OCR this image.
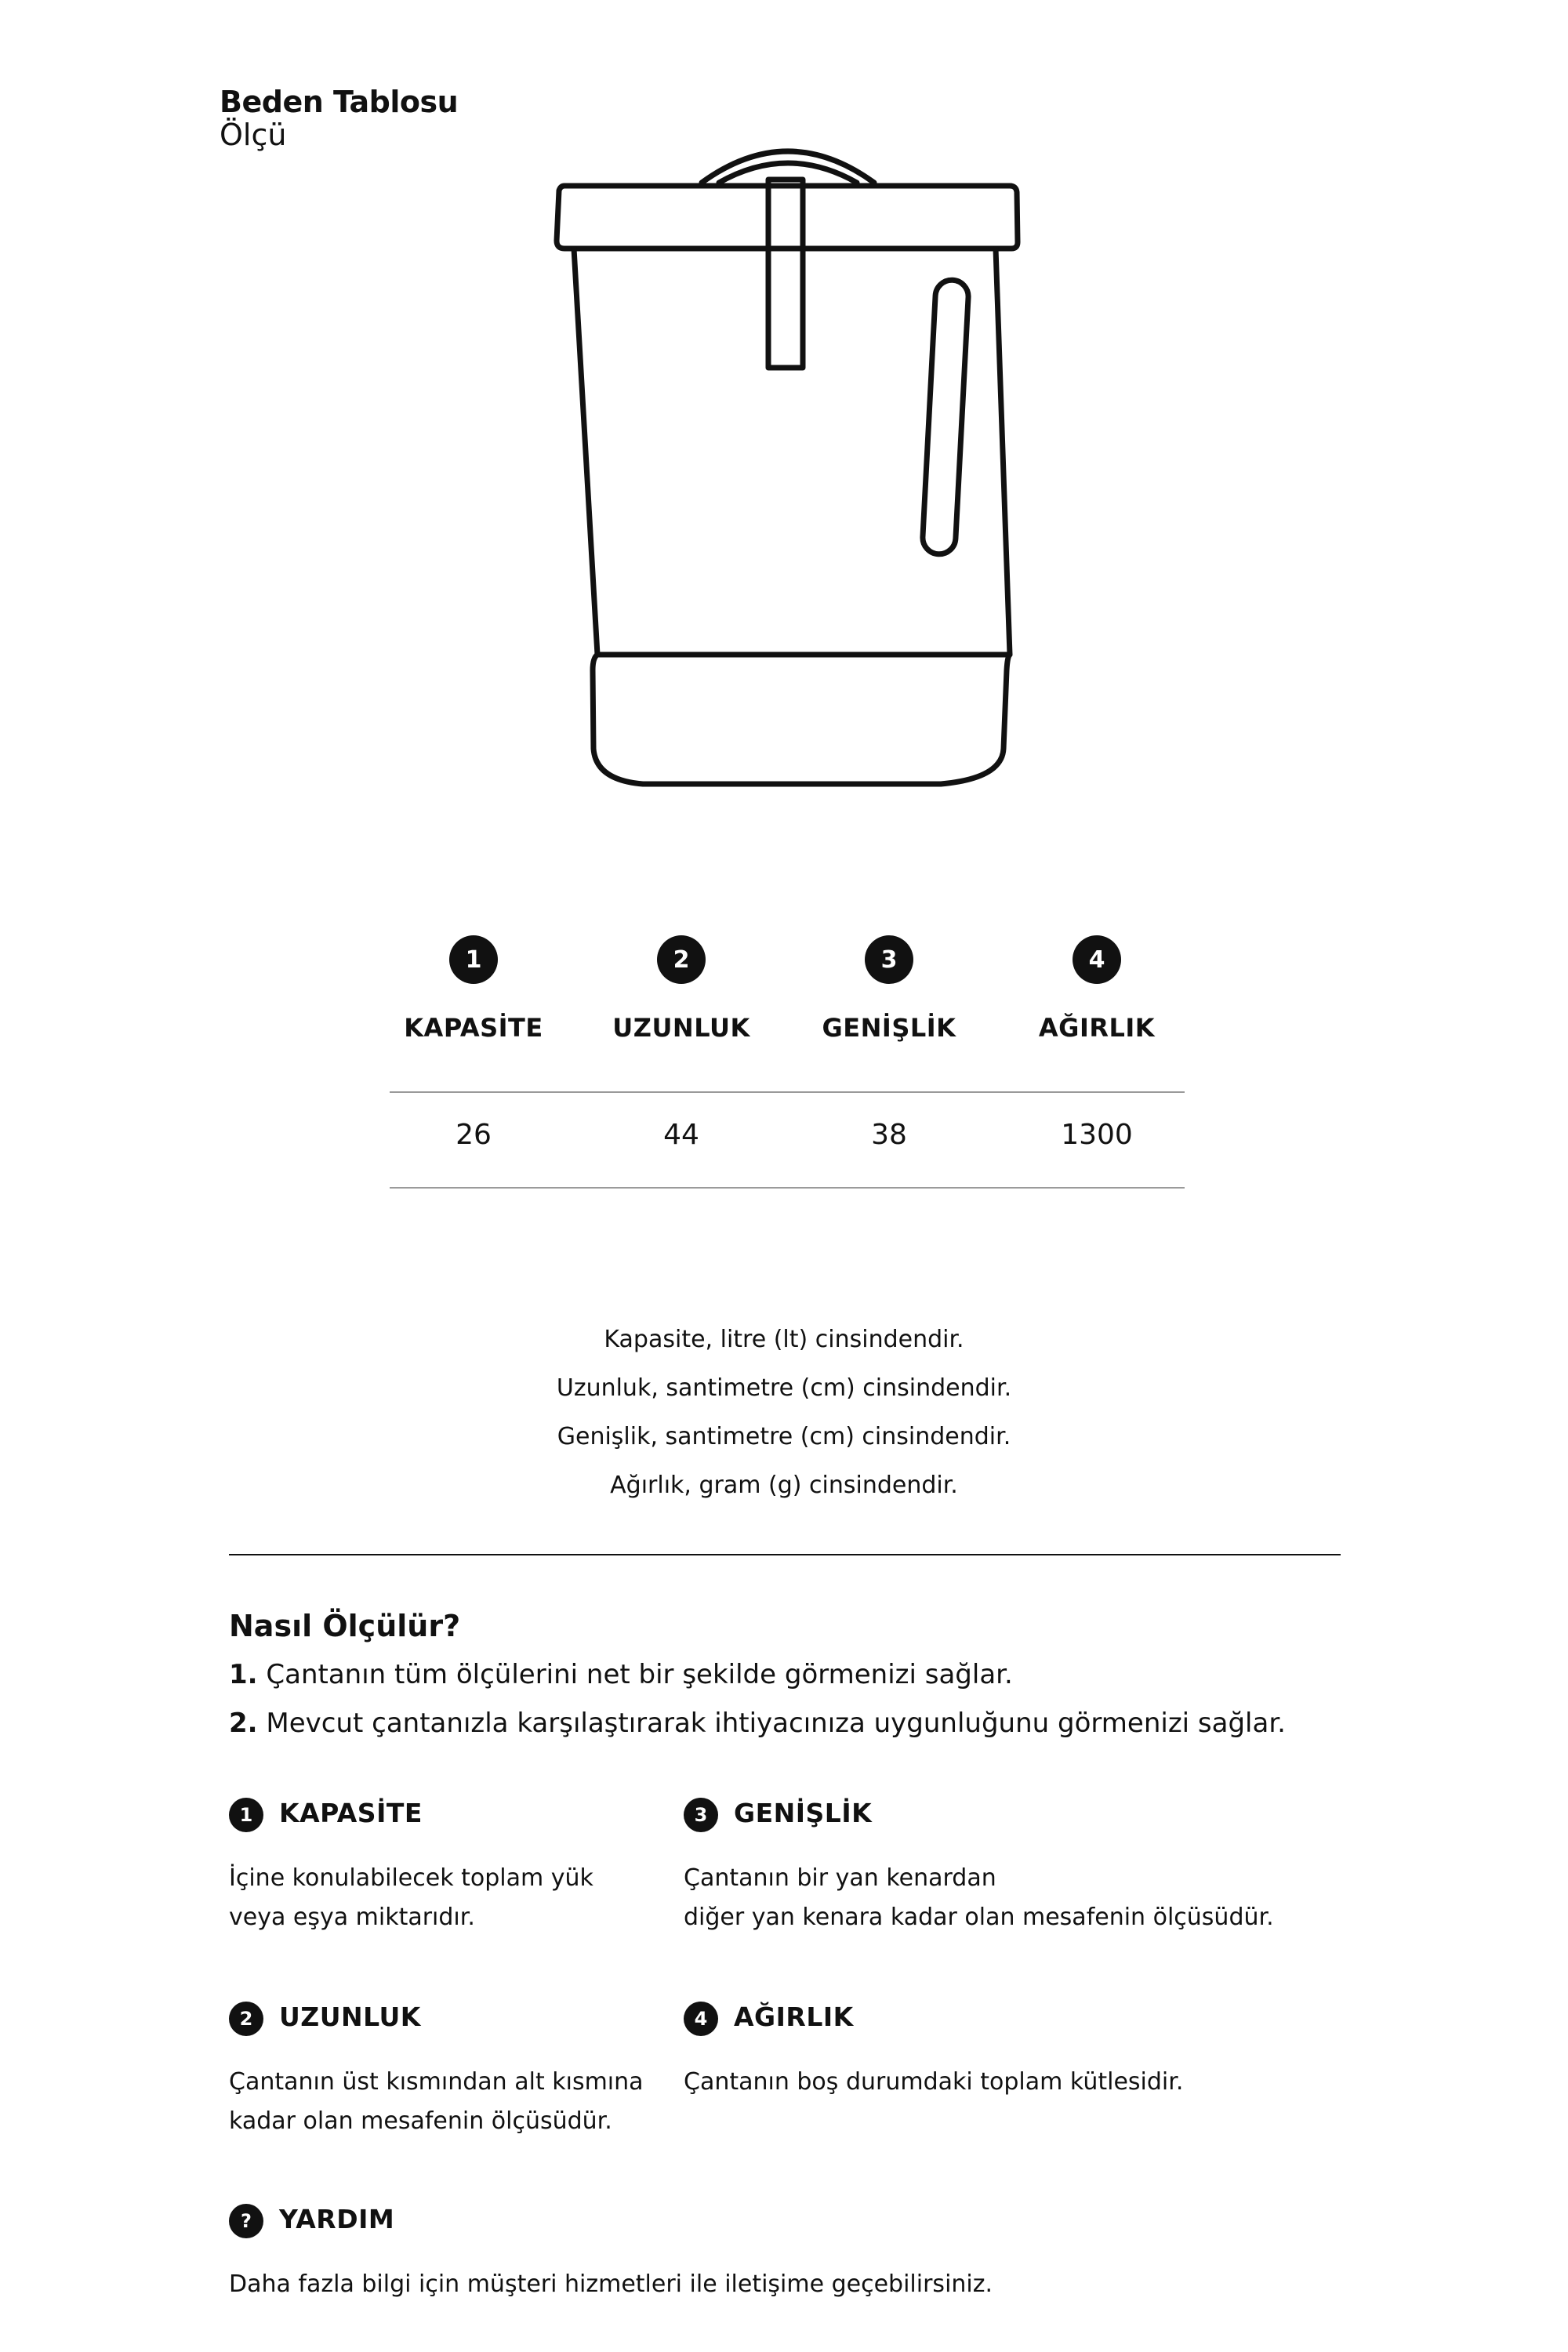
Beden Tablosu
Ölçü
1	2	3	4
KAPASİTE	UZUNLUK	GENİŞLİK	AĞIRLIK
26	44	38	1300
Kapasite, litre (lt) cinsindendir.
Uzunluk, santimetre (cm) cinsindendir.
Genişlik, santimetre (cm) cinsindendir.
Ağırlık, gram (g) cinsindendir.
Nasıl Ölçülür?
1. Çantanın tüm ölçülerini net bir şekilde görmenizi sağlar.
2. Mevcut çantanızla karşılaştırarak ihtiyacınıza uygunluğunu görmenizi sağlar.
1	KAPASİTE
İçine konulabilecek toplam yük
veya eşya miktarıdır.
3	GENİŞLİK
Çantanın bir yan kenardan
diğer yan kenara kadar olan mesafenin ölçüsüdür.
2	UZUNLUK
Çantanın üst kısmından alt kısmına
kadar olan mesafenin ölçüsüdür.
4	AĞIRLIK
Çantanın boş durumdaki toplam kütlesidir.
?	YARDIM
Daha fazla bilgi için müşteri hizmetleri ile iletişime geçebilirsiniz.
